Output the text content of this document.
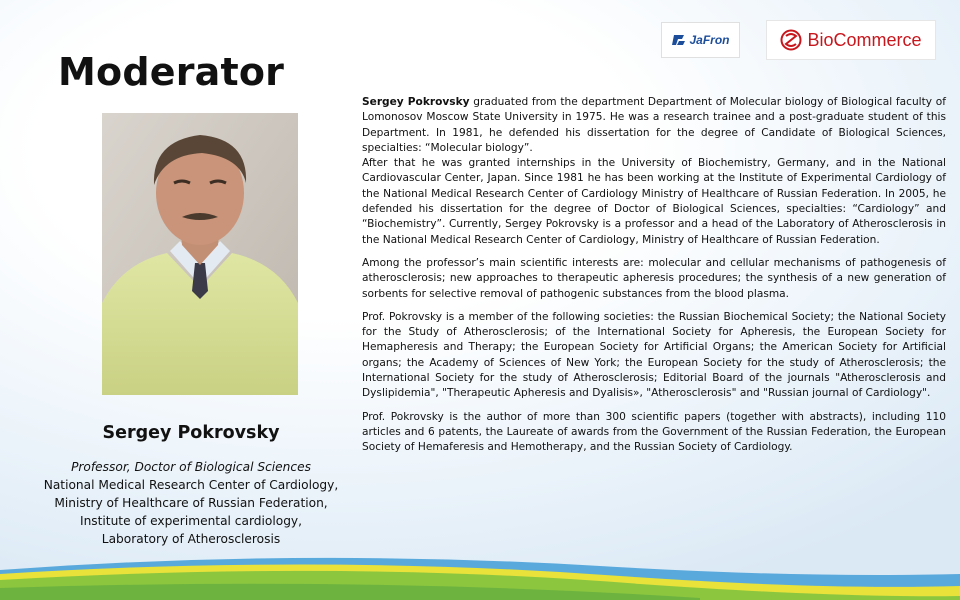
Moderator
JaFron	BioCommerce
Sergey Pokrovsky
Professor, Doctor of Biological Sciences
National Medical Research Center of Cardiology,
Ministry of Healthcare of Russian Federation,
Institute of experimental cardiology,
Laboratory of Atherosclerosis

Sergey Pokrovsky graduated from the department Department of Molecular biology of Biological faculty of Lomonosov Moscow State University in 1975. He was a research trainee and a post-graduate student of this Department. In 1981, he defended his dissertation for the degree of Candidate of Biological Sciences, specialties: “Molecular biology”.

After that he was granted internships in the University of Biochemistry, Germany, and in the National Cardiovascular Center, Japan. Since 1981 he has been working at the Institute of Experimental Cardiology of the National Medical Research Center of Cardiology Ministry of Healthcare of Russian Federation. In 2005, he defended his dissertation for the degree of Doctor of Biological Sciences, specialties: “Cardiology” and “Biochemistry”. Currently, Sergey Pokrovsky is a professor and a head of the Laboratory of Atherosclerosis in the National Medical Research Center of Cardiology, Ministry of Healthcare of Russian Federation.

Among the professor’s main scientific interests are: molecular and cellular mechanisms of pathogenesis of atherosclerosis; new approaches to therapeutic apheresis procedures; the synthesis of a new generation of sorbents for selective removal of pathogenic substances from the blood plasma.

Prof. Pokrovsky is a member of the following societies: the Russian Biochemical Society; the National Society for the Study of Atherosclerosis; of the International Society for Apheresis, the European Society for Hemapheresis and Therapy; the European Society for Artificial Organs; the American Society for Artificial organs; the Academy of Sciences of New York; the European Society for the study of Atherosclerosis; the International Society for the study of Atherosclerosis; Editorial Board of the journals "Atherosclerosis and Dyslipidemia", "Therapeutic Apheresis and Dyalisis», "Atherosclerosis" and "Russian journal of Cardiology".

Prof. Pokrovsky is the author of more than 300 scientific papers (together with abstracts), including 110 articles and 6 patents, the Laureate of awards from the Government of the Russian Federation, the European Society of Hemaferesis and Hemotherapy, and the Russian Society of Cardiology.
